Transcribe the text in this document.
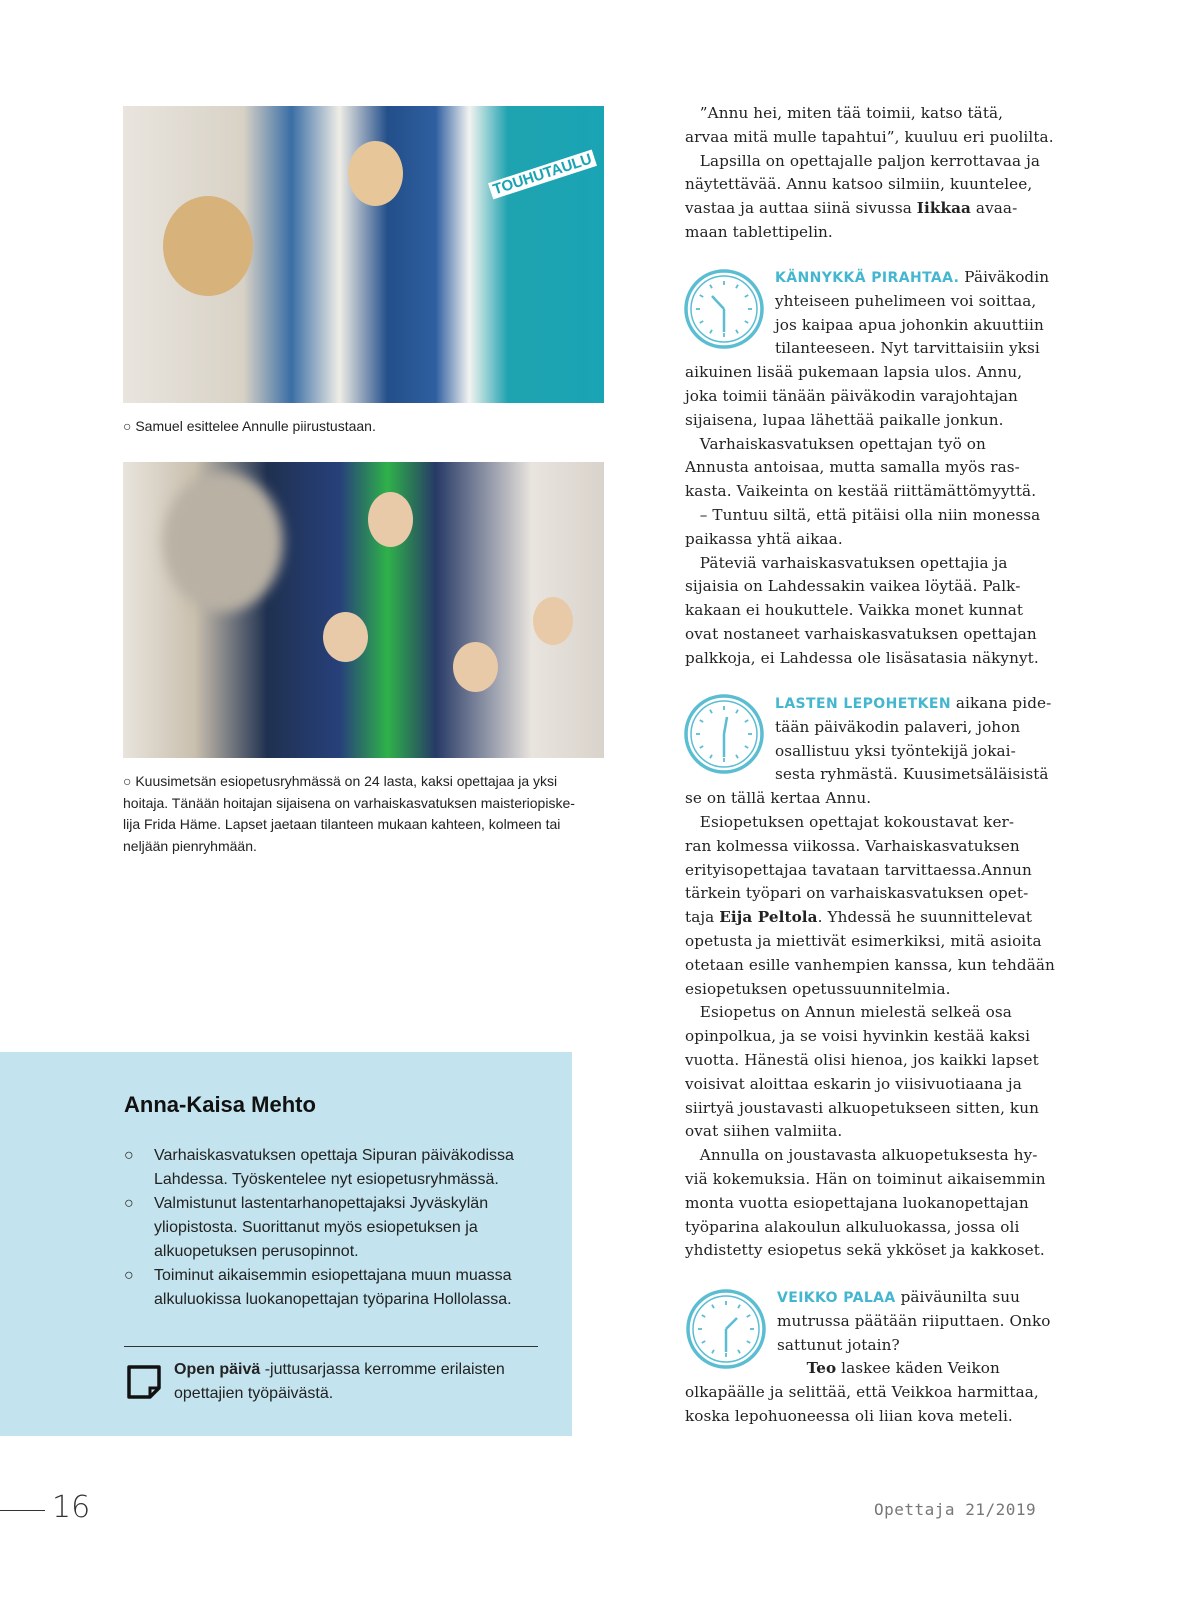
TOUHUTAULU
○ Samuel esittelee Annulle piirustustaan.
○ Kuusimetsän esiopetusryhmässä on 24 lasta, kaksi opettajaa ja yksi
hoitaja. Tänään hoitajan sijaisena on varhaiskasvatuksen maisteriopiske-
lija Frida Häme. Lapset jaetaan tilanteen mukaan kahteen, kolmeen tai
neljään pienryhmään.
”Annu hei, miten tää toimii, katso tätä,
arvaa mitä mulle tapahtui”, kuuluu eri puolilta.
Lapsilla on opettajalle paljon kerrottavaa ja
näytettävää. Annu katsoo silmiin, kuuntelee,
vastaa ja auttaa siinä sivussa Iikkaa avaa-
maan tablettipelin.
KÄNNYKKÄ PIRAHTAA. Päiväkodin
yhteiseen puhelimeen voi soittaa,
jos kaipaa apua johonkin akuuttiin
tilanteeseen. Nyt tarvittaisiin yksi
aikuinen lisää pukemaan lapsia ulos. Annu,
joka toimii tänään päiväkodin varajohtajan
sijaisena, lupaa lähettää paikalle jonkun.
Varhaiskasvatuksen opettajan työ on
Annusta antoisaa, mutta samalla myös ras-
kasta. Vaikeinta on kestää riittämättömyyttä.
– Tuntuu siltä, että pitäisi olla niin monessa
paikassa yhtä aikaa.
Päteviä varhaiskasvatuksen opettajia ja
sijaisia on Lahdessakin vaikea löytää. Palk-
kakaan ei houkuttele. Vaikka monet kunnat
ovat nostaneet varhaiskasvatuksen opettajan
palkkoja, ei Lahdessa ole lisäsatasia näkynyt.
LASTEN LEPOHETKEN aikana pide-
tään päiväkodin palaveri, johon
osallistuu yksi työntekijä jokai-
sesta ryhmästä. Kuusimetsäläisistä
se on tällä kertaa Annu.
Esiopetuksen opettajat kokoustavat ker-
ran kolmessa viikossa. Varhaiskasvatuksen
erityisopettajaa tavataan tarvittaessa.Annun
tärkein työpari on varhaiskasvatuksen opet-
taja Eija Peltola. Yhdessä he suunnittelevat
opetusta ja miettivät esimerkiksi, mitä asioita
otetaan esille vanhempien kanssa, kun tehdään
esiopetuksen opetussuunnitelmia.
Esiopetus on Annun mielestä selkeä osa
opinpolkua, ja se voisi hyvinkin kestää kaksi
vuotta. Hänestä olisi hienoa, jos kaikki lapset
voisivat aloittaa eskarin jo viisivuotiaana ja
siirtyä joustavasti alkuopetukseen sitten, kun
ovat siihen valmiita.
Annulla on joustavasta alkuopetuksesta hy-
viä kokemuksia. Hän on toiminut aikaisemmin
monta vuotta esiopettajana luokanopettajan
työparina alakoulun alkuluokassa, jossa oli
yhdistetty esiopetus sekä ykköset ja kakkoset.
VEIKKO PALAA päiväunilta suu
mutrussa päätään riiputtaen. Onko
sattunut jotain?
Teo laskee käden Veikon
olkapäälle ja selittää, että Veikkoa harmittaa,
koska lepohuoneessa oli liian kova meteli.
Anna-Kaisa Mehto
○ Varhaiskasvatuksen opettaja Sipuran päiväkodissa
Lahdessa. Työskentelee nyt esiopetusryhmässä.
○ Valmistunut lastentarhanopettajaksi Jyväskylän
yliopistosta. Suorittanut myös esiopetuksen ja
alkuopetuksen perusopinnot.
○ Toiminut aikaisemmin esiopettajana muun muassa
alkuluokissa luokanopettajan työparina Hollolassa.
Open päivä -juttusarjassa kerromme erilaisten
opettajien työpäivästä.
16	Opettaja 21/2019
